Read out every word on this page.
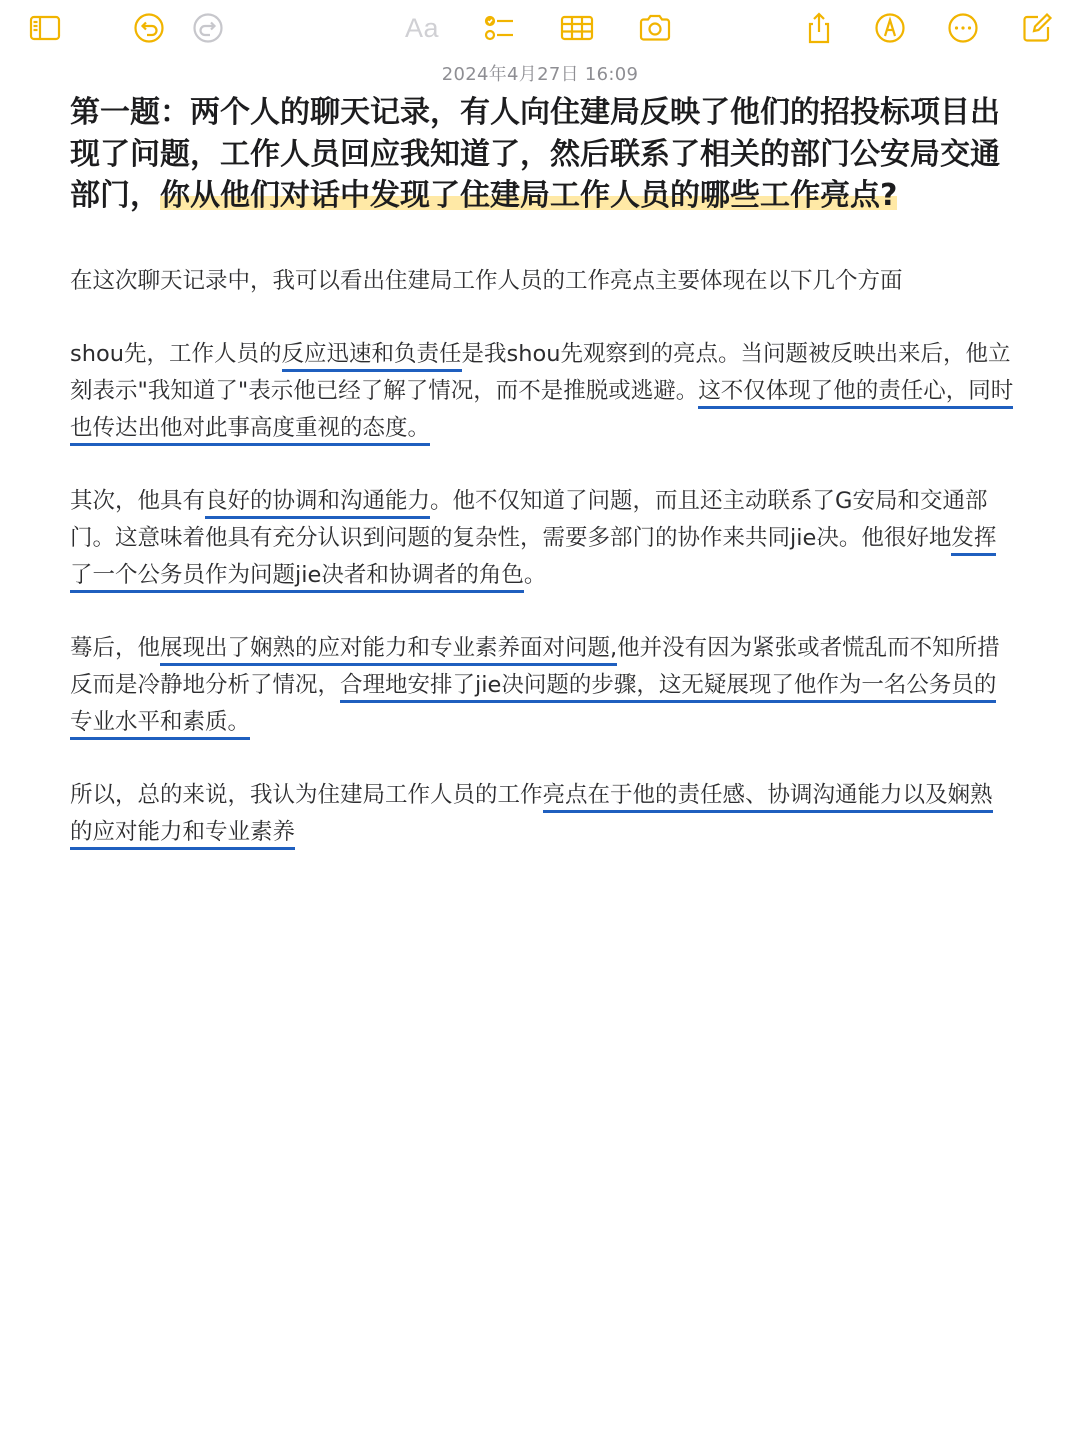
Aa
2024年4月27日 16:09
第一题：两个人的聊天记录，有人向住建局反映了他们的招投标项目出现了问题，工作人员回应我知道了，然后联系了相关的部门公安局交通部门，你从他们对话中发现了住建局工作人员的哪些工作亮点?
在这次聊天记录中，我可以看出住建局工作人员的工作亮点主要体现在以下几个方面
shou先，工作人员的反应迅速和负责任是我shou先观察到的亮点。当问题被反映出来后，他立刻表示"我知道了"表示他已经了解了情况，而不是推脱或逃避。这不仅体现了他的责任心，同时也传达出他对此事高度重视的态度。
其次，他具有良好的协调和沟通能力。他不仅知道了问题，而且还主动联系了G安局和交通部门。这意味着他具有充分认识到问题的复杂性，需要多部门的协作来共同jie决。他很好地发挥了一个公务员作为问题jie决者和协调者的角色。
蓦后，他展现出了娴熟的应对能力和专业素养面对问题,他并没有因为紧张或者慌乱而不知所措反而是冷静地分析了情况，合理地安排了jie决问题的步骤，这无疑展现了他作为一名公务员的专业水平和素质。
所以，总的来说，我认为住建局工作人员的工作亮点在于他的责任感、协调沟通能力以及娴熟的应对能力和专业素养
